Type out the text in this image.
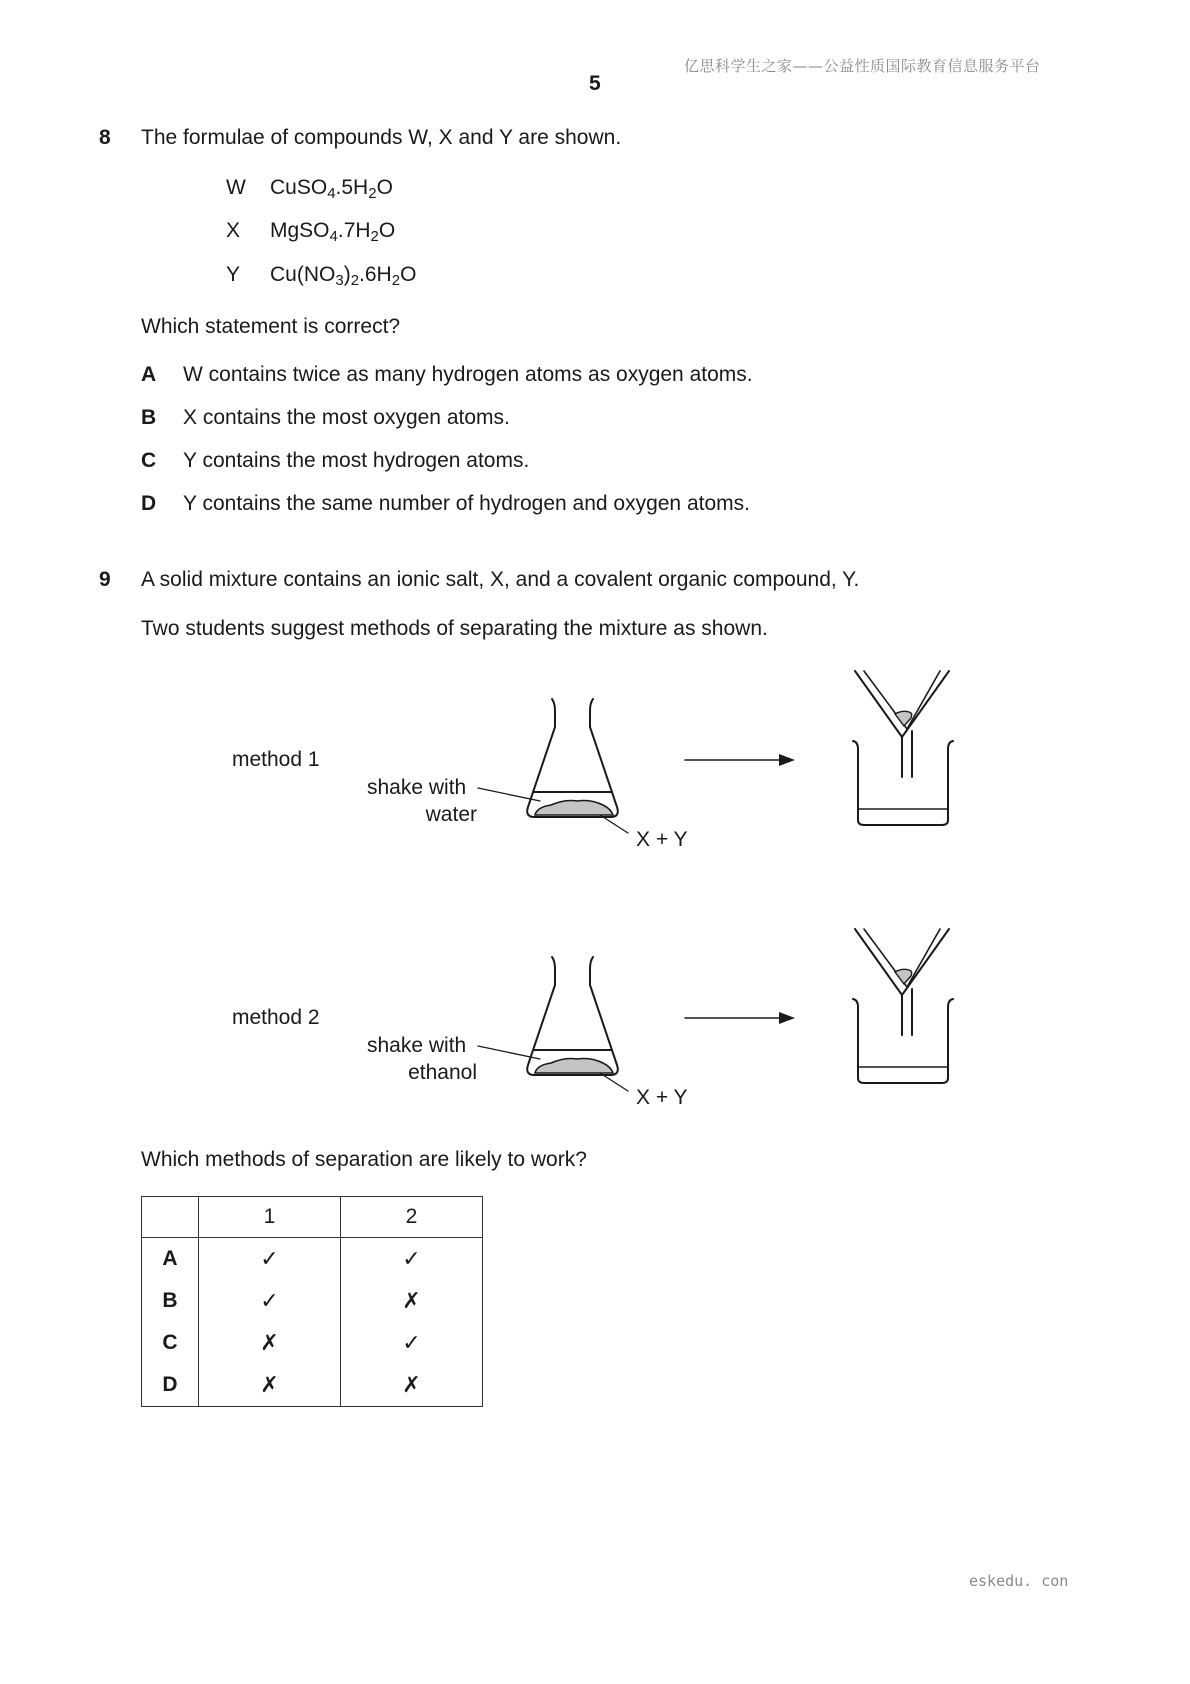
亿思科学生之家——公益性质国际教育信息服务平台
5
8 The formulae of compounds W, X and Y are shown.
W $CuSO_4.5H_2O$
X $MgSO_4.7H_2O$
Y $Cu(NO_3)_2.6H_2O$
Which statement is correct?
A W contains twice as many hydrogen atoms as oxygen atoms.
B X contains the most oxygen atoms.
C Y contains the most hydrogen atoms.
D Y contains the same number of hydrogen and oxygen atoms.
9 A solid mixture contains an ionic salt, X, and a covalent organic compound, Y.
Two students suggest methods of separating the mixture as shown.
method 1
shake with
water
X + Y
method 2
shake with
ethanol
X + Y
Which methods of separation are likely to work?
	1	2
A	✓	✓
B	✓	✗
C	✗	✓
D	✗	✗
eskedu. con
